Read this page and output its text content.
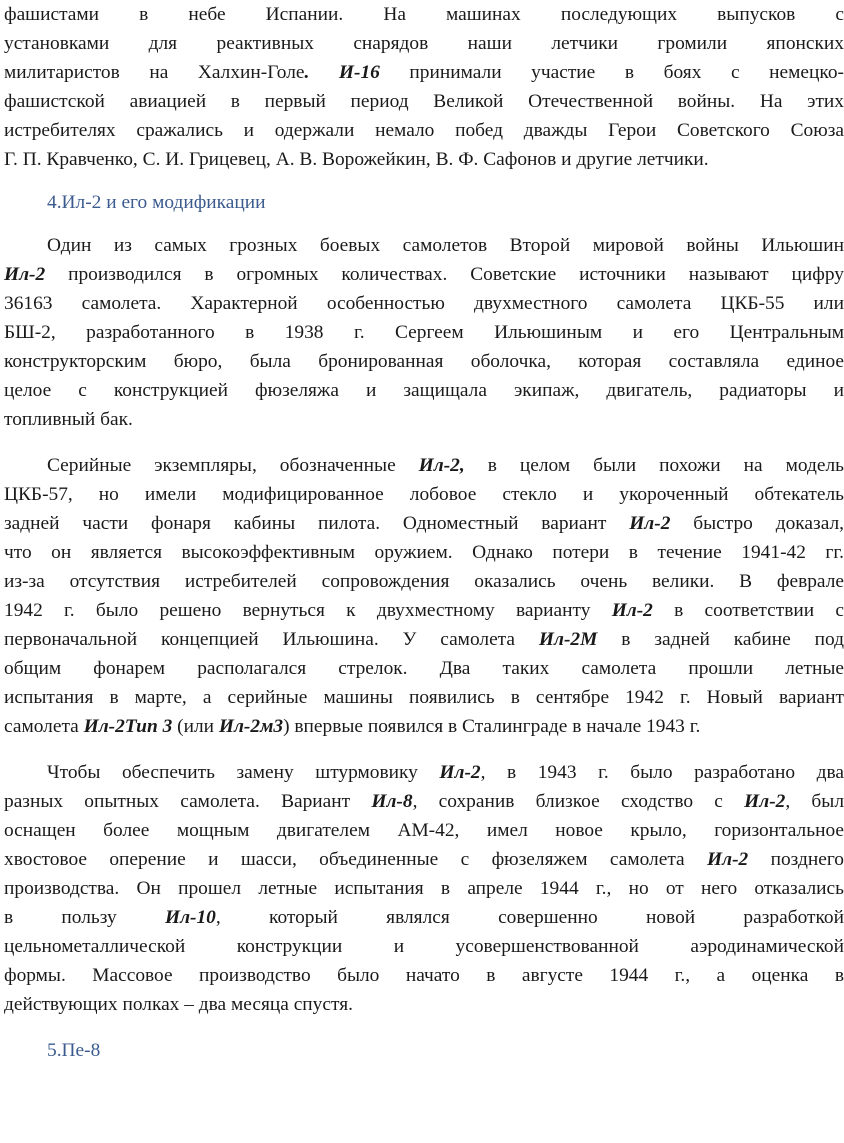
фашистами в небе Испании. На машинах последующих выпусков с
установками для реактивных снарядов наши летчики громили японских
милитаристов на Халхин-Голе. И-16 принимали участие в боях с немецко-
фашистской авиацией в первый период Великой Отечественной войны. На этих
истребителях сражались и одержали немало побед дважды Герои Советского Союза
Г. П. Кравченко, С. И. Грицевец, А. В. Ворожейкин, В. Ф. Сафонов и другие летчики.
4.Ил-2 и его модификации
Один из самых грозных боевых самолетов Второй мировой войны Ильюшин
Ил-2 производился в огромных количествах. Советские источники называют цифру
36163 самолета. Характерной особенностью двухместного самолета ЦКБ-55 или
БШ-2, разработанного в 1938 г. Сергеем Ильюшиным и его Центральным
конструкторским бюро, была бронированная оболочка, которая составляла единое
целое с конструкцией фюзеляжа и защищала экипаж, двигатель, радиаторы и
топливный бак.
Серийные экземпляры, обозначенные Ил-2, в целом были похожи на модель
ЦКБ-57, но имели модифицированное лобовое стекло и укороченный обтекатель
задней части фонаря кабины пилота. Одноместный вариант Ил-2 быстро доказал,
что он является высокоэффективным оружием. Однако потери в течение 1941-42 гг.
из-за отсутствия истребителей сопровождения оказались очень велики. В феврале
1942 г. было решено вернуться к двухместному варианту Ил-2 в соответствии с
первоначальной концепцией Ильюшина. У самолета Ил-2М в задней кабине под
общим фонарем располагался стрелок. Два таких самолета прошли летные
испытания в марте, а серийные машины появились в сентябре 1942 г. Новый вариант
самолета Ил-2Тип 3 (или Ил-2м3) впервые появился в Сталинграде в начале 1943 г.
Чтобы обеспечить замену штурмовику Ил-2, в 1943 г. было разработано два
разных опытных самолета. Вариант Ил-8, сохранив близкое сходство с Ил-2, был
оснащен более мощным двигателем АМ-42, имел новое крыло, горизонтальное
хвостовое оперение и шасси, объединенные с фюзеляжем самолета Ил-2 позднего
производства. Он прошел летные испытания в апреле 1944 г., но от него отказались
в пользу Ил-10, который являлся совершенно новой разработкой
цельнометаллической конструкции и усовершенствованной аэродинамической
формы. Массовое производство было начато в августе 1944 г., а оценка в
действующих полках – два месяца спустя.
5.Пе-8
